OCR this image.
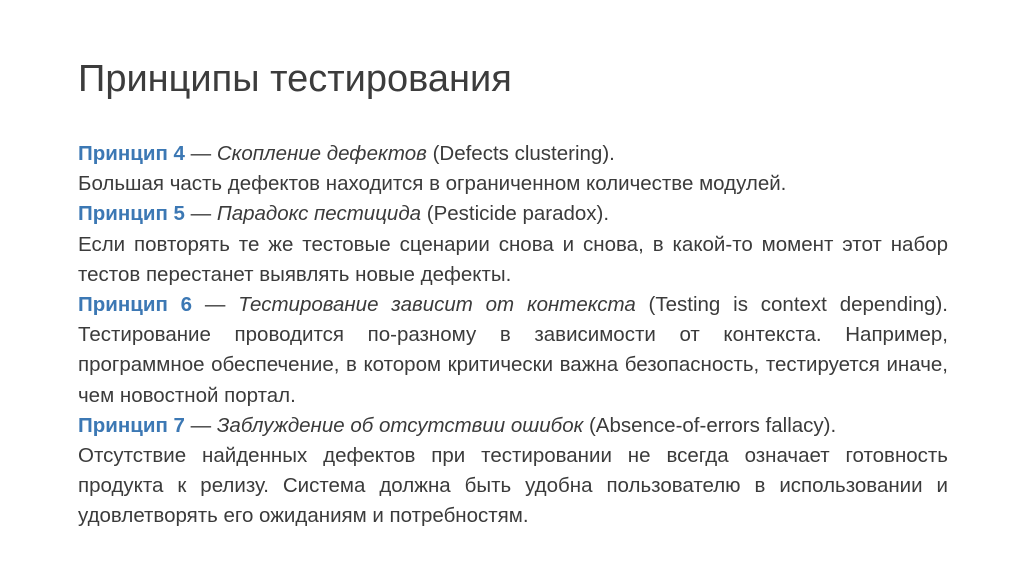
Принципы тестирования

Принцип 4 — Скопление дефектов (Defects clustering).

Большая часть дефектов находится в ограниченном количестве модулей.

Принцип 5 — Парадокс пестицида (Pesticide paradox).

Если повторять те же тестовые сценарии снова и снова, в какой-то момент этот набор тестов перестанет выявлять новые дефекты.

Принцип 6 — Тестирование зависит от контекста (Testing is context depending). Тестирование проводится по-разному в зависимости от контекста. Например, программное обеспечение, в котором критически важна безопасность, тестируется иначе, чем новостной портал.

Принцип 7 — Заблуждение об отсутствии ошибок (Absence-of-errors fallacy).

Отсутствие найденных дефектов при тестировании не всегда означает готовность продукта к релизу. Система должна быть удобна пользователю в использовании и удовлетворять его ожиданиям и потребностям.
